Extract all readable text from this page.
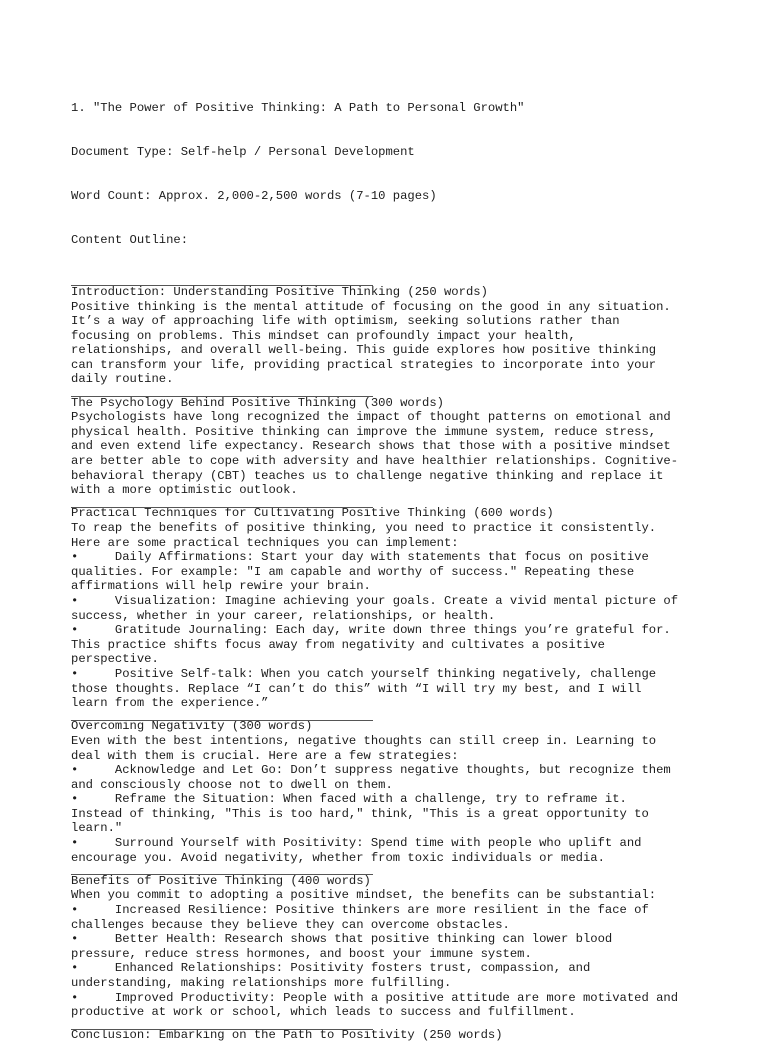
1. "The Power of Positive Thinking: A Path to Personal Growth"

Document Type: Self-help / Personal Development

Word Count: Approx. 2,000-2,500 words (7-10 pages)

Content Outline:

Introduction: Understanding Positive Thinking (250 words)
Positive thinking is the mental attitude of focusing on the good in any situation.
It’s a way of approaching life with optimism, seeking solutions rather than
focusing on problems. This mindset can profoundly impact your health,
relationships, and overall well-being. This guide explores how positive thinking
can transform your life, providing practical strategies to incorporate into your
daily routine.
The Psychology Behind Positive Thinking (300 words)
Psychologists have long recognized the impact of thought patterns on emotional and
physical health. Positive thinking can improve the immune system, reduce stress,
and even extend life expectancy. Research shows that those with a positive mindset
are better able to cope with adversity and have healthier relationships. Cognitive-
behavioral therapy (CBT) teaches us to challenge negative thinking and replace it
with a more optimistic outlook.
Practical Techniques for Cultivating Positive Thinking (600 words)
To reap the benefits of positive thinking, you need to practice it consistently.
Here are some practical techniques you can implement:
•     Daily Affirmations: Start your day with statements that focus on positive
qualities. For example: "I am capable and worthy of success." Repeating these
affirmations will help rewire your brain.
•     Visualization: Imagine achieving your goals. Create a vivid mental picture of
success, whether in your career, relationships, or health.
•     Gratitude Journaling: Each day, write down three things you’re grateful for.
This practice shifts focus away from negativity and cultivates a positive
perspective.
•     Positive Self-talk: When you catch yourself thinking negatively, challenge
those thoughts. Replace “I can’t do this” with “I will try my best, and I will
learn from the experience.”
Overcoming Negativity (300 words)
Even with the best intentions, negative thoughts can still creep in. Learning to
deal with them is crucial. Here are a few strategies:
•     Acknowledge and Let Go: Don’t suppress negative thoughts, but recognize them
and consciously choose not to dwell on them.
•     Reframe the Situation: When faced with a challenge, try to reframe it.
Instead of thinking, "This is too hard," think, "This is a great opportunity to
learn."
•     Surround Yourself with Positivity: Spend time with people who uplift and
encourage you. Avoid negativity, whether from toxic individuals or media.
Benefits of Positive Thinking (400 words)
When you commit to adopting a positive mindset, the benefits can be substantial:
•     Increased Resilience: Positive thinkers are more resilient in the face of
challenges because they believe they can overcome obstacles.
•     Better Health: Research shows that positive thinking can lower blood
pressure, reduce stress hormones, and boost your immune system.
•     Enhanced Relationships: Positivity fosters trust, compassion, and
understanding, making relationships more fulfilling.
•     Improved Productivity: People with a positive attitude are more motivated and
productive at work or school, which leads to success and fulfillment.
Conclusion: Embarking on the Path to Positivity (250 words)
